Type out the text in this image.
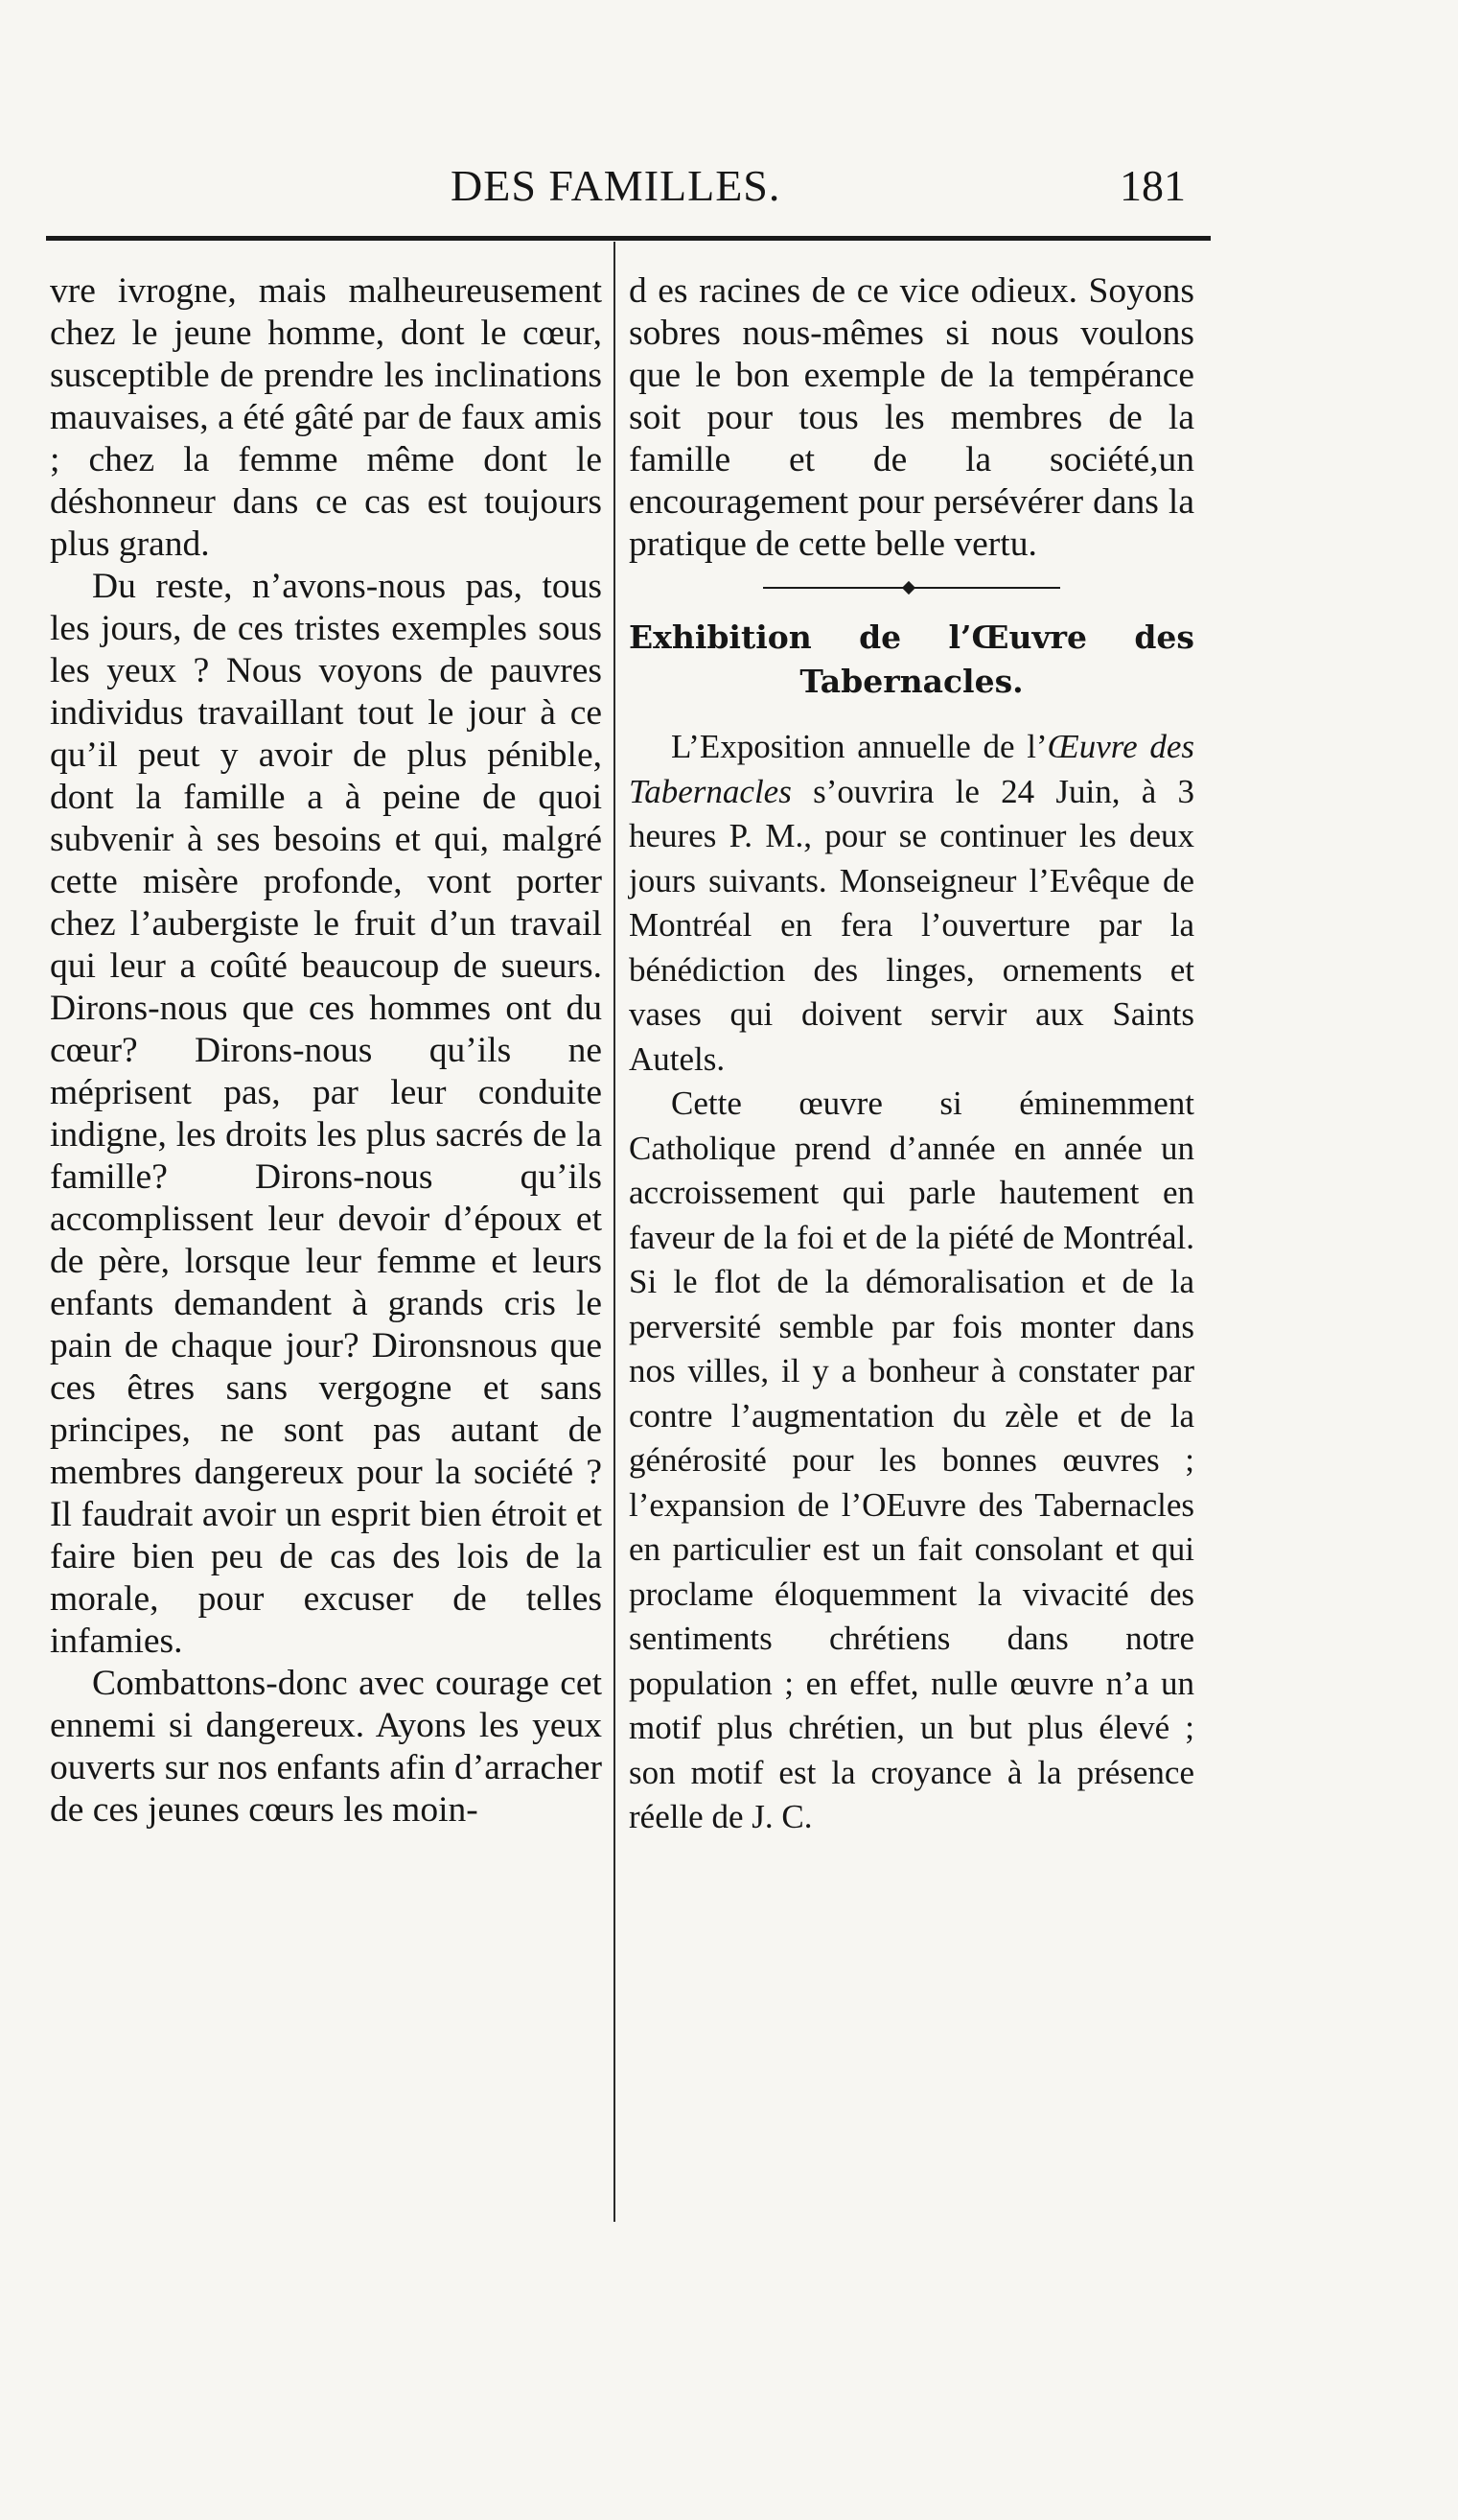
DES FAMILLES.	181

vre ivrogne, mais malheureusement chez le jeune homme, dont le cœur, susceptible de prendre les inclinations mauvaises, a été gâté par de faux amis ; chez la femme même dont le déshonneur dans ce cas est toujours plus grand.

Du reste, n’avons-nous pas, tous les jours, de ces tristes exemples sous les yeux ? Nous voyons de pauvres individus travaillant tout le jour à ce qu’il peut y avoir de plus pénible, dont la famille a à peine de quoi subvenir à ses besoins et qui, malgré cette misère profonde, vont porter chez l’aubergiste le fruit d’un travail qui leur a coûté beaucoup de sueurs. Dirons-nous que ces hommes ont du cœur? Dirons-nous qu’ils ne méprisent pas, par leur conduite indigne, les droits les plus sacrés de la famille? Dirons-nous qu’ils accomplissent leur devoir d’époux et de père, lorsque leur femme et leurs enfants demandent à grands cris le pain de chaque jour? Dironsnous que ces êtres sans vergogne et sans principes, ne sont pas autant de membres dangereux pour la société ? Il faudrait avoir un esprit bien étroit et faire bien peu de cas des lois de la morale, pour excuser de telles infamies.

Combattons-donc avec courage cet ennemi si dangereux. Ayons les yeux ouverts sur nos enfants afin d’arracher de ces jeunes cœurs les moin-

d es racines de ce vice odieux. Soyons sobres nous-mêmes si nous voulons que le bon exemple de la tempérance soit pour tous les membres de la famille et de la société,un encouragement pour persévérer dans la pratique de cette belle vertu.

Exhibition de l’Œuvre des
Tabernacles.

L’Exposition annuelle de l’Œuvre des Tabernacles s’ouvrira le 24 Juin, à 3 heures P. M., pour se continuer les deux jours suivants. Monseigneur l’Evêque de Montréal en fera l’ouverture par la bénédiction des linges, ornements et vases qui doivent servir aux Saints Autels.

Cette œuvre si éminemment Catholique prend d’année en année un accroissement qui parle hautement en faveur de la foi et de la piété de Montréal. Si le flot de la démoralisation et de la perversité semble par fois monter dans nos villes, il y a bonheur à constater par contre l’augmentation du zèle et de la générosité pour les bonnes œuvres ; l’expansion de l’OEuvre des Tabernacles en particulier est un fait consolant et qui proclame éloquemment la vivacité des sentiments chrétiens dans notre population ; en effet, nulle œuvre n’a un motif plus chrétien, un but plus élevé ; son motif est la croyance à la présence réelle de J. C.
